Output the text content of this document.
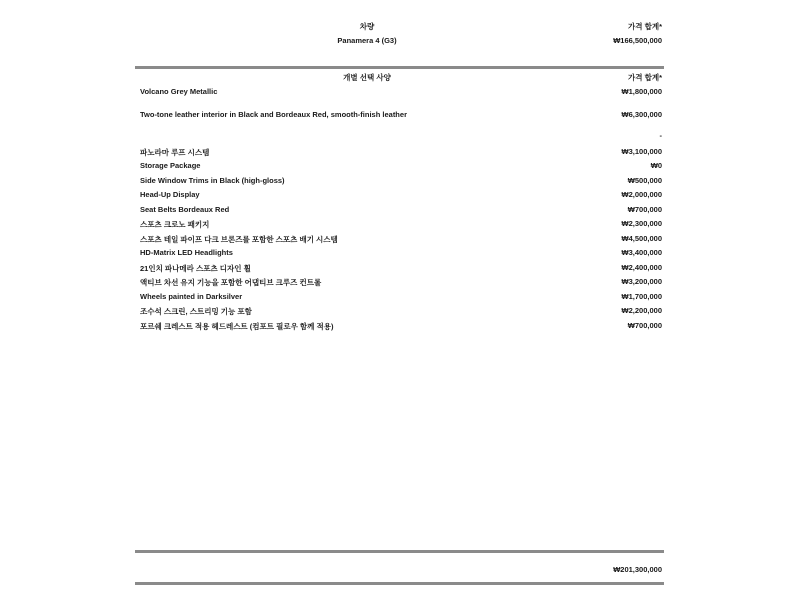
차량	가격 합계*
Panamera 4 (G3)	₩166,500,000
개별 선택 사양	가격 합계*
Volcano Grey Metallic	₩1,800,000
Two-tone leather interior in Black and Bordeaux Red, smooth-finish leather	₩6,300,000
-
파노라마 루프 시스템	₩3,100,000
Storage Package	₩0
Side Window Trims in Black (high-gloss)	₩500,000
Head-Up Display	₩2,000,000
Seat Belts Bordeaux Red	₩700,000
스포츠 크로노 패키지	₩2,300,000
스포츠 테일 파이프 다크 브론즈를 포함한 스포츠 배기 시스템	₩4,500,000
HD-Matrix LED Headlights	₩3,400,000
21인치 파나메라 스포츠 디자인 휠	₩2,400,000
액티브 차선 유지 기능을 포함한 어댑티브 크루즈 컨트롤	₩3,200,000
Wheels painted in Darksilver	₩1,700,000
조수석 스크린, 스트리밍 기능 포함	₩2,200,000
포르쉐 크레스트 적용 헤드레스트 (컴포트 필로우 함께 적용)	₩700,000
₩201,300,000
